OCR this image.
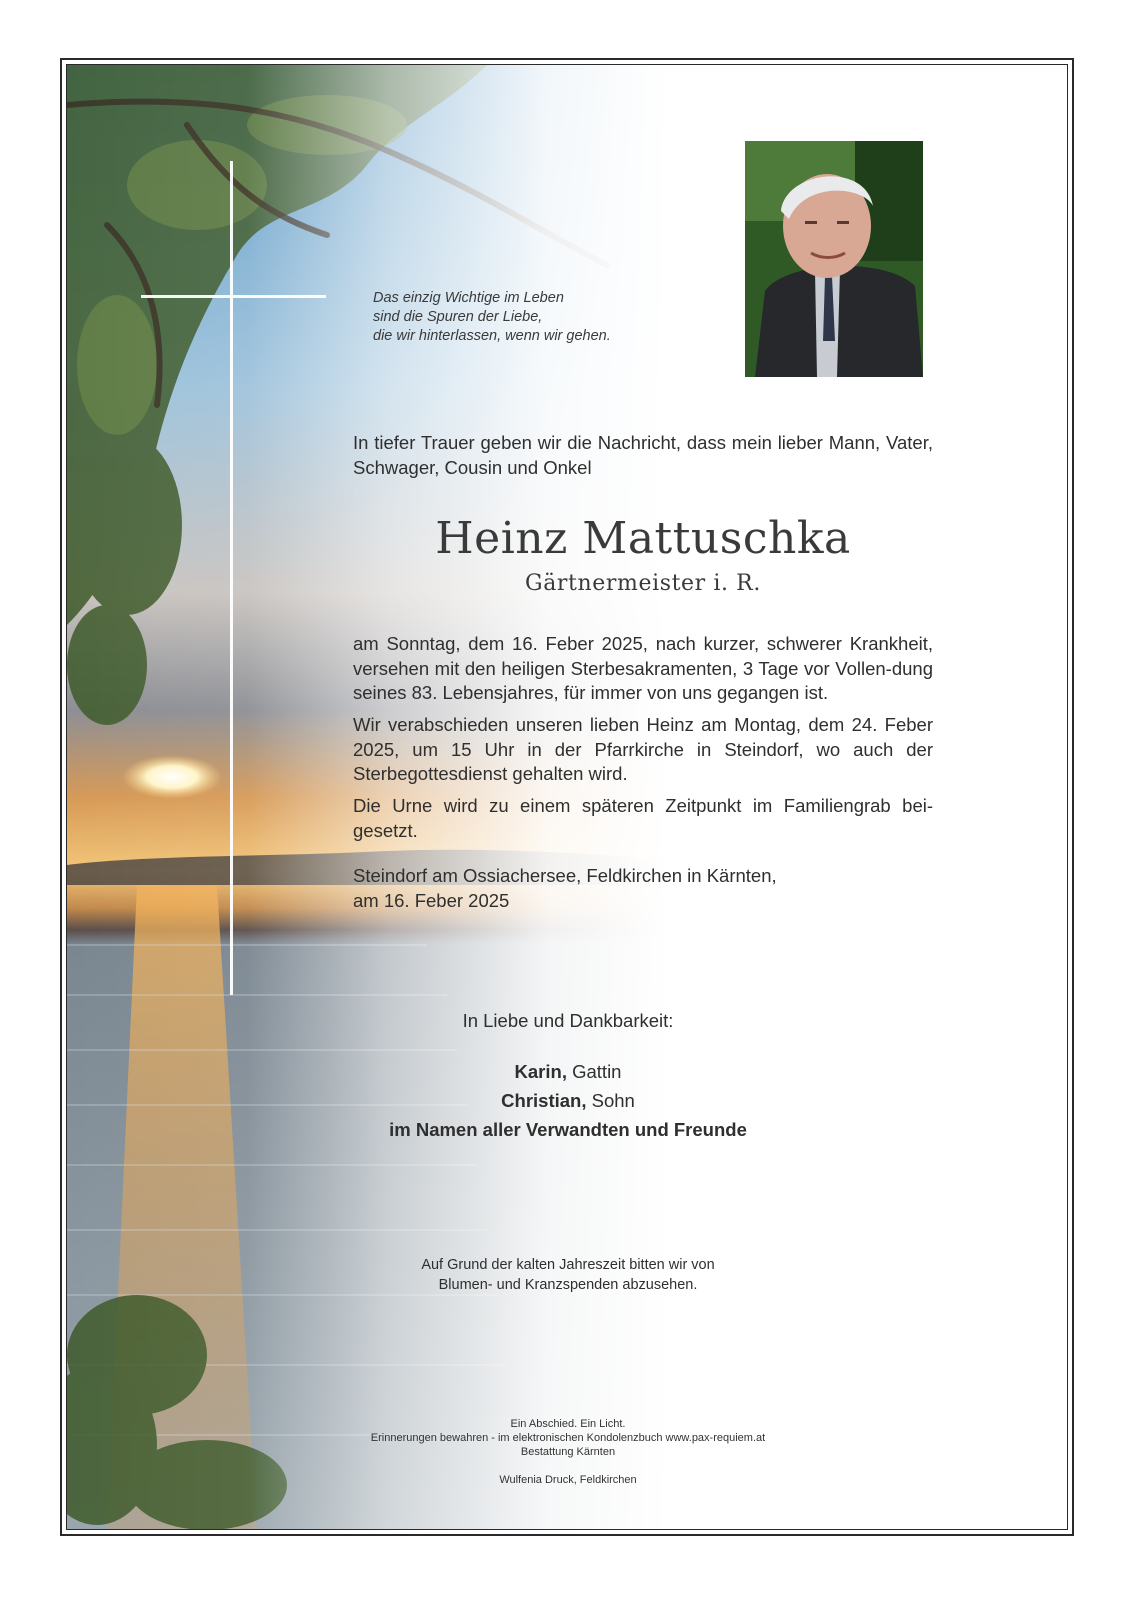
Das einzig Wichtige im Leben
sind die Spuren der Liebe,
die wir hinterlassen, wenn wir gehen.
In tiefer Trauer geben wir die Nachricht, dass mein lieber Mann, Vater, Schwager, Cousin und Onkel
Heinz Mattuschka
Gärtnermeister i. R.
am Sonntag, dem 16. Feber 2025, nach kurzer, schwerer Krankheit, versehen mit den heiligen Sterbesakramenten, 3 Tage vor Vollen-dung seines 83. Lebensjahres, für immer von uns gegangen ist.
Wir verabschieden unseren lieben Heinz am Montag, dem 24. Feber 2025, um 15 Uhr in der Pfarrkirche in Steindorf, wo auch der Sterbegottesdienst gehalten wird.
Die Urne wird zu einem späteren Zeitpunkt im Familiengrab bei-gesetzt.
Steindorf am Ossiachersee, Feldkirchen in Kärnten,
am 16. Feber 2025
In Liebe und Dankbarkeit:
Karin, Gattin
Christian, Sohn
im Namen aller Verwandten und Freunde
Auf Grund der kalten Jahreszeit bitten wir von
Blumen- und Kranzspenden abzusehen.
Ein Abschied. Ein Licht.
Erinnerungen bewahren - im elektronischen Kondolenzbuch www.pax-requiem.at
Bestattung Kärnten
Wulfenia Druck, Feldkirchen
